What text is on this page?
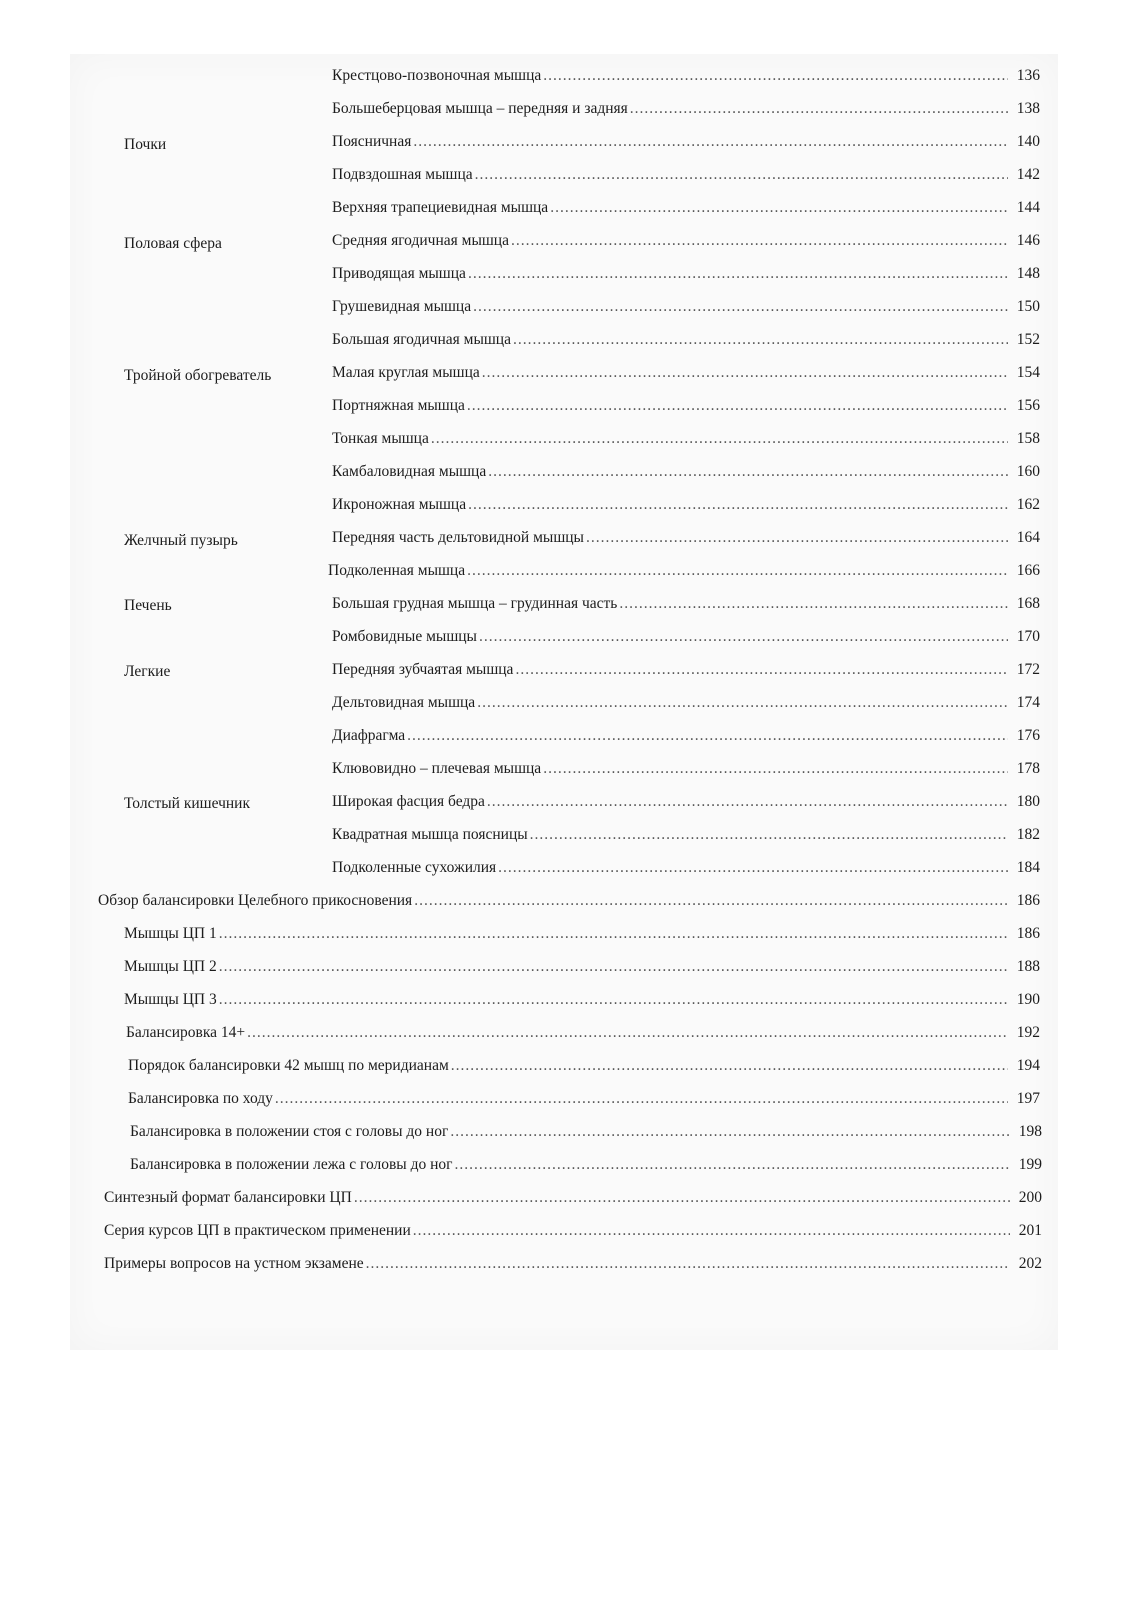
Почки
Половая сфера
Тройной обогреватель
Желчный пузырь
Печень
Легкие
Толстый кишечник
Крестцово-позвоночная мышца .....	136
Большеберцовая мышца – передняя и задняя .....	138
Поясничная .....	140
Подвздошная мышца .....	142
Верхняя трапециевидная мышца .....	144
Средняя ягодичная мышца .....	146
Приводящая мышца .....	148
Грушевидная мышца .....	150
Большая ягодичная мышца .....	152
Малая круглая мышца .....	154
Портняжная мышца .....	156
Тонкая мышца .....	158
Камбаловидная мышца .....	160
Икроножная мышца .....	162
Передняя часть дельтовидной мышцы .....	164
Подколенная мышца .....	166
Большая грудная мышца – грудинная часть .....	168
Ромбовидные мышцы .....	170
Передняя зубчаятая мышца .....	172
Дельтовидная мышца .....	174
Диафрагма .....	176
Клювовидно – плечевая мышца .....	178
Широкая фасция бедра .....	180
Квадратная мышца поясницы .....	182
Подколенные сухожилия .....	184
Обзор балансировки Целебного прикосновения .....	186
Мышцы ЦП 1 .....	186
Мышцы ЦП 2 .....	188
Мышцы ЦП 3 .....	190
Балансировка 14+ .....	192
Порядок балансировки 42 мышц по меридианам .....	194
Балансировка по ходу .....	197
Балансировка в положении стоя с головы до ног .....	198
Балансировка в положении лежа с головы до ног .....	199
Синтезный формат балансировки ЦП .....	200
Серия курсов ЦП в практическом применении .....	201
Примеры вопросов на устном экзамене .....	202
